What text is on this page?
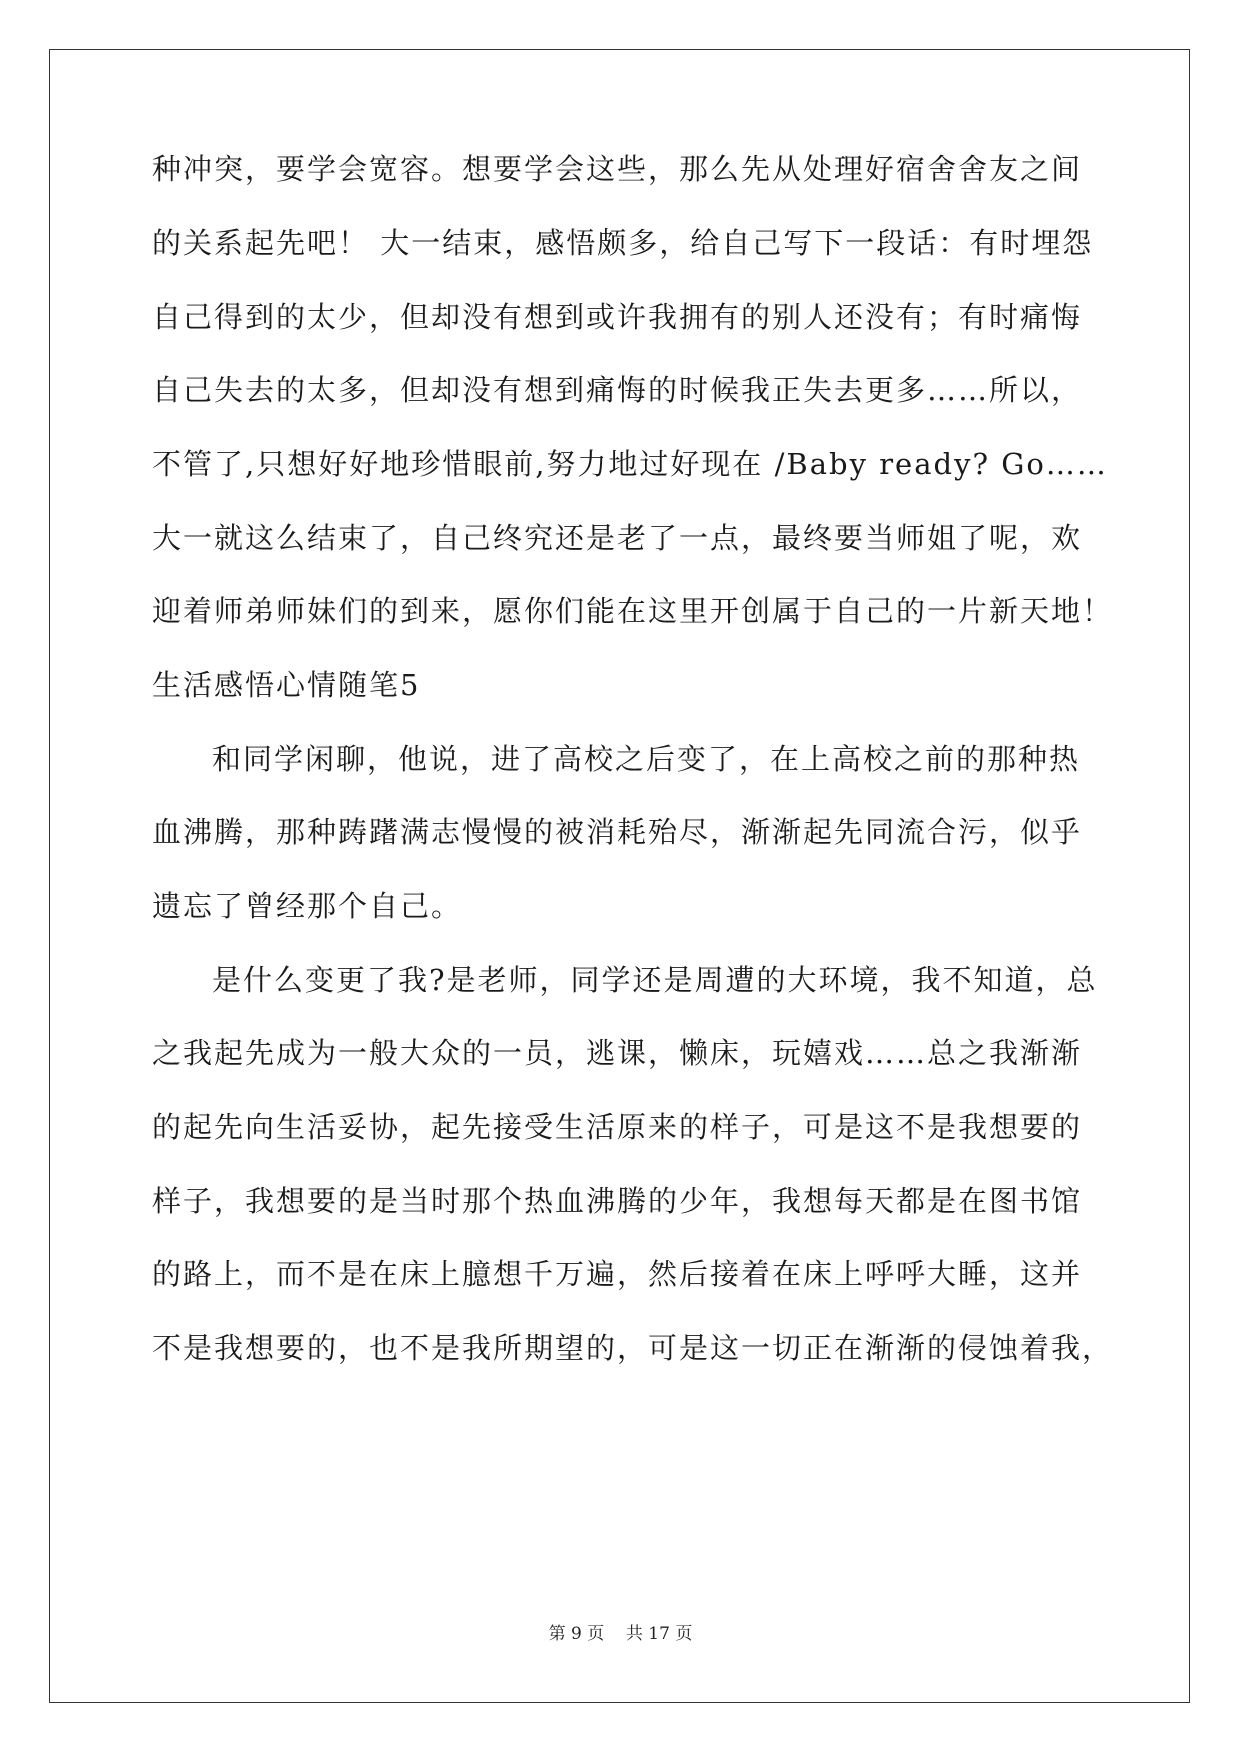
种冲突，要学会宽容。想要学会这些，那么先从处理好宿舍舍友之间
的关系起先吧！ 大一结束，感悟颇多，给自己写下一段话：有时埋怨
自己得到的太少，但却没有想到或许我拥有的别人还没有；有时痛悔
自己失去的太多，但却没有想到痛悔的时候我正失去更多……所以，
不管了,只想好好地珍惜眼前,努力地过好现在 /Baby ready? Go……
大一就这么结束了，自己终究还是老了一点，最终要当师姐了呢，欢
迎着师弟师妹们的到来，愿你们能在这里开创属于自己的一片新天地！
生活感悟心情随笔5
和同学闲聊，他说，进了高校之后变了，在上高校之前的那种热
血沸腾，那种踌躇满志慢慢的被消耗殆尽，渐渐起先同流合污，似乎
遗忘了曾经那个自己。
是什么变更了我?是老师，同学还是周遭的大环境，我不知道，总
之我起先成为一般大众的一员，逃课，懒床，玩嬉戏……总之我渐渐
的起先向生活妥协，起先接受生活原来的样子，可是这不是我想要的
样子，我想要的是当时那个热血沸腾的少年，我想每天都是在图书馆
的路上，而不是在床上臆想千万遍，然后接着在床上呼呼大睡，这并
不是我想要的，也不是我所期望的，可是这一切正在渐渐的侵蚀着我，
第 9 页 共 17 页
